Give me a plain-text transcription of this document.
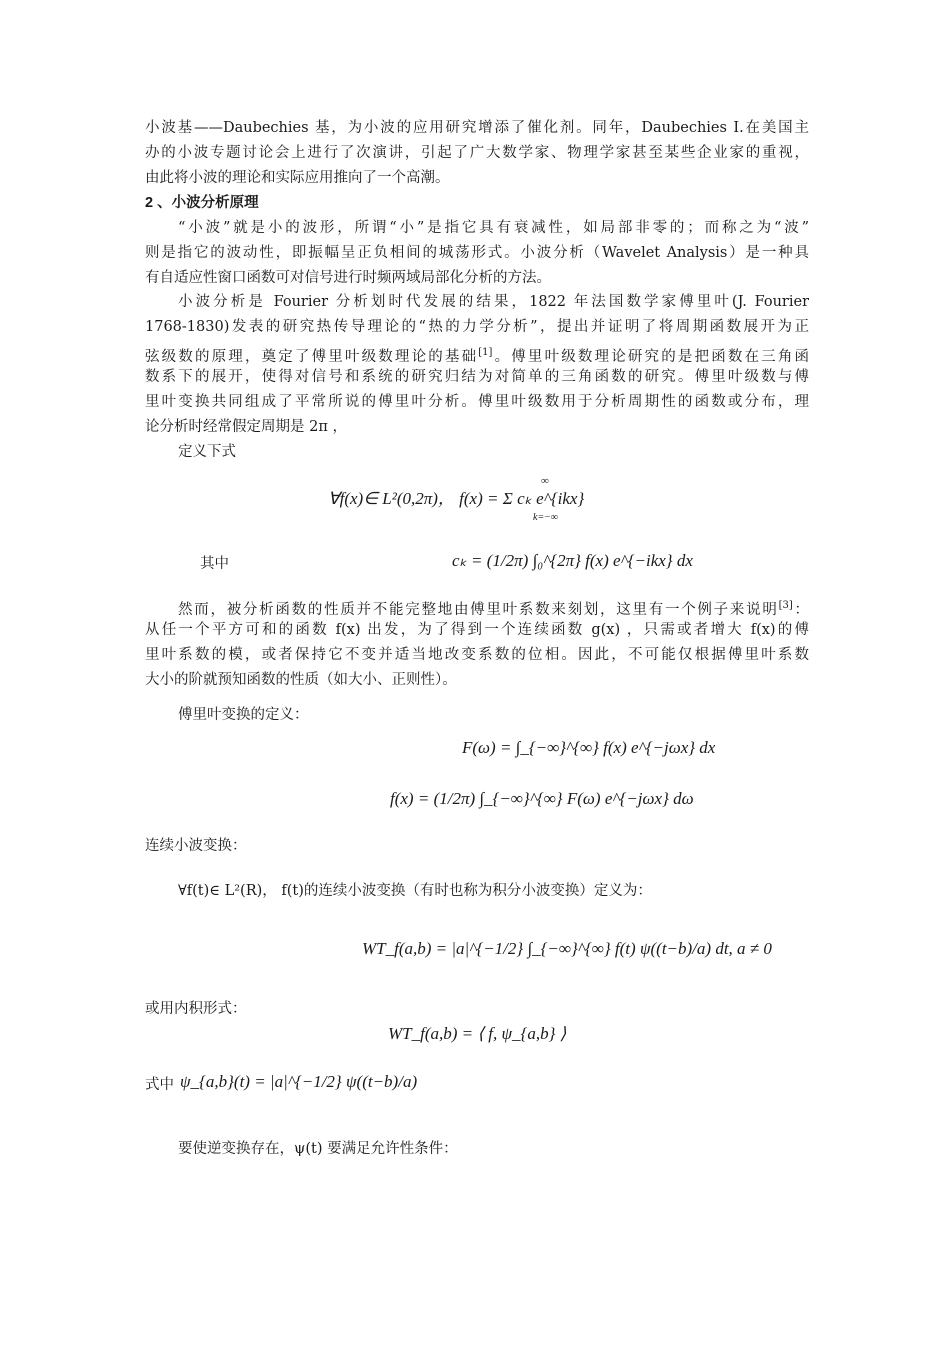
小波基——Daubechies 基，为小波的应用研究增添了催化剂。同年，Daubechies I.在美国主
办的小波专题讨论会上进行了次演讲，引起了广大数学家、物理学家甚至某些企业家的重视，
由此将小波的理论和实际应用推向了一个高潮。
2 、小波分析原理
“小波”就是小的波形，所谓“小”是指它具有衰减性，如局部非零的；而称之为“波”
则是指它的波动性，即振幅呈正负相间的城荡形式。小波分析（Wavelet Analysis）是一种具
有自适应性窗口函数可对信号进行时频两域局部化分析的方法。
小波分析是 Fourier 分析划时代发展的结果，1822 年法国数学家傅里叶(J. Fourier
1768-1830)发表的研究热传导理论的“热的力学分析”，提出并证明了将周期函数展开为正
弦级数的原理，奠定了傅里叶级数理论的基础[1]。傅里叶级数理论研究的是把函数在三角函
数系下的展开，使得对信号和系统的研究归结为对简单的三角函数的研究。傅里叶级数与傅
里叶变换共同组成了平常所说的傅里叶分析。傅里叶级数用于分析周期性的函数或分布，理
论分析时经常假定周期是 2π ，
定义下式
∀f(x)∈ L²(0,2π)， f(x) = Σ cₖ e^{ikx}
∞
k=−∞
其中	cₖ = (1/2π) ∫₀^{2π} f(x) e^{−ikx} dx
然而，被分析函数的性质并不能完整地由傅里叶系数来刻划，这里有一个例子来说明[3]：
从任一个平方可和的函数 f(x) 出发，为了得到一个连续函数 g(x) ，只需或者增大 f(x)的傅
里叶系数的模，或者保持它不变并适当地改变系数的位相。因此，不可能仅根据傅里叶系数
大小的阶就预知函数的性质（如大小、正则性）。
傅里叶变换的定义：
F(ω) = ∫_{−∞}^{∞} f(x) e^{−jωx} dx
f(x) = (1/2π) ∫_{−∞}^{∞} F(ω) e^{−jωx} dω
连续小波变换：
∀f(t)∈ L²(R)， f(t)的连续小波变换（有时也称为积分小波变换）定义为：
WT_f(a,b) = |a|^{−1/2} ∫_{−∞}^{∞} f(t) ψ((t−b)/a) dt, a ≠ 0
或用内积形式：
WT_f(a,b) = ⟨ f, ψ_{a,b} ⟩
式中 ψ_{a,b}(t) = |a|^{−1/2} ψ((t−b)/a)
要使逆变换存在，ψ(t) 要满足允许性条件：
